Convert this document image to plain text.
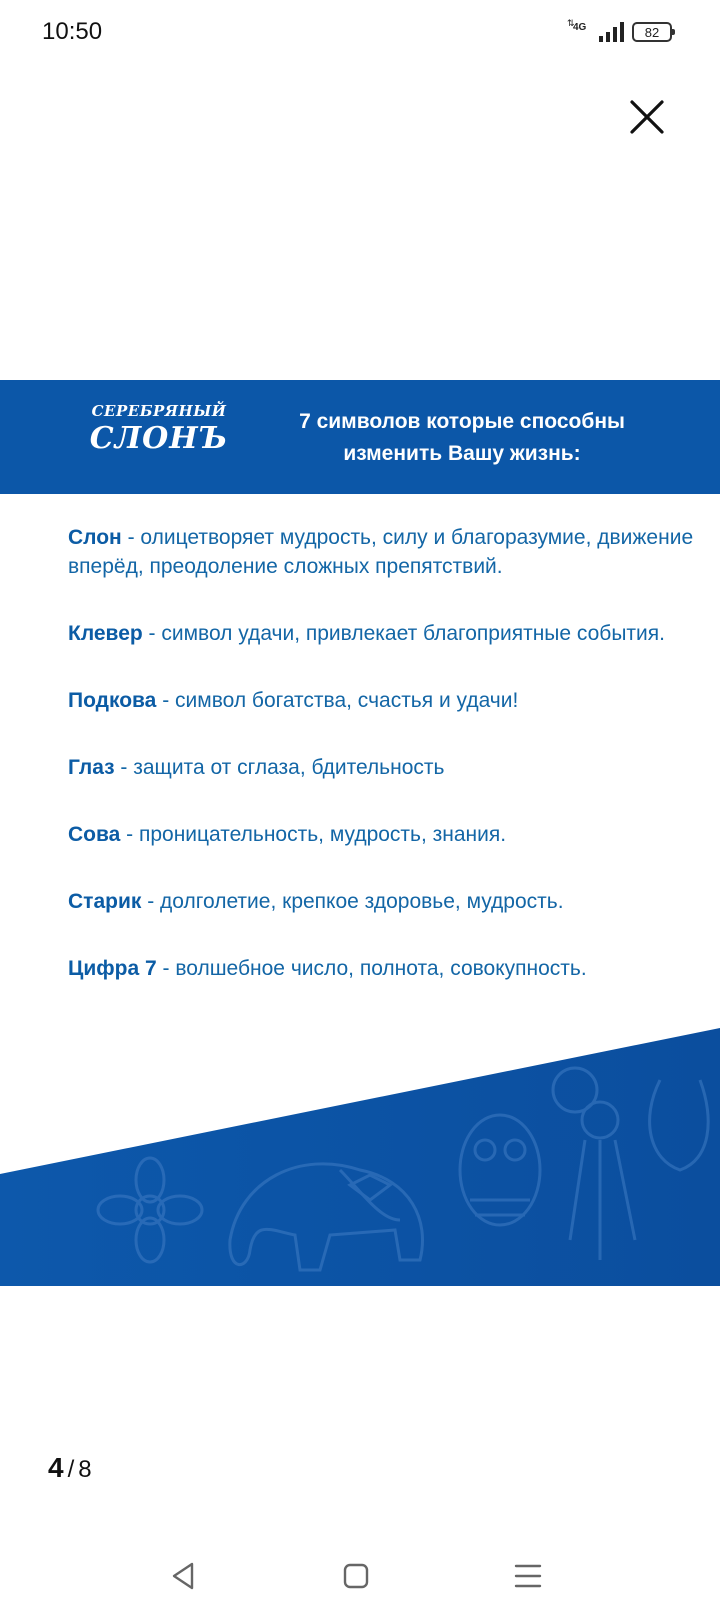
10:50	⇅
4G	82
СЕРЕБРЯНЫЙ
СЛОНЪ	7 символов которые способны изменить Вашу жизнь:
Слон - олицетворяет мудрость, силу и благоразумие, движение вперёд, преодоление сложных препятствий.
Клевер - символ удачи, привлекает благоприятные события.
Подкова - символ богатства, счастья и удачи!
Глаз - защита от сглаза, бдительность
Сова - проницательность, мудрость, знания.
Старик - долголетие, крепкое здоровье, мудрость.
Цифра 7 - волшебное число, полнота, совокупность.
4 / 8
